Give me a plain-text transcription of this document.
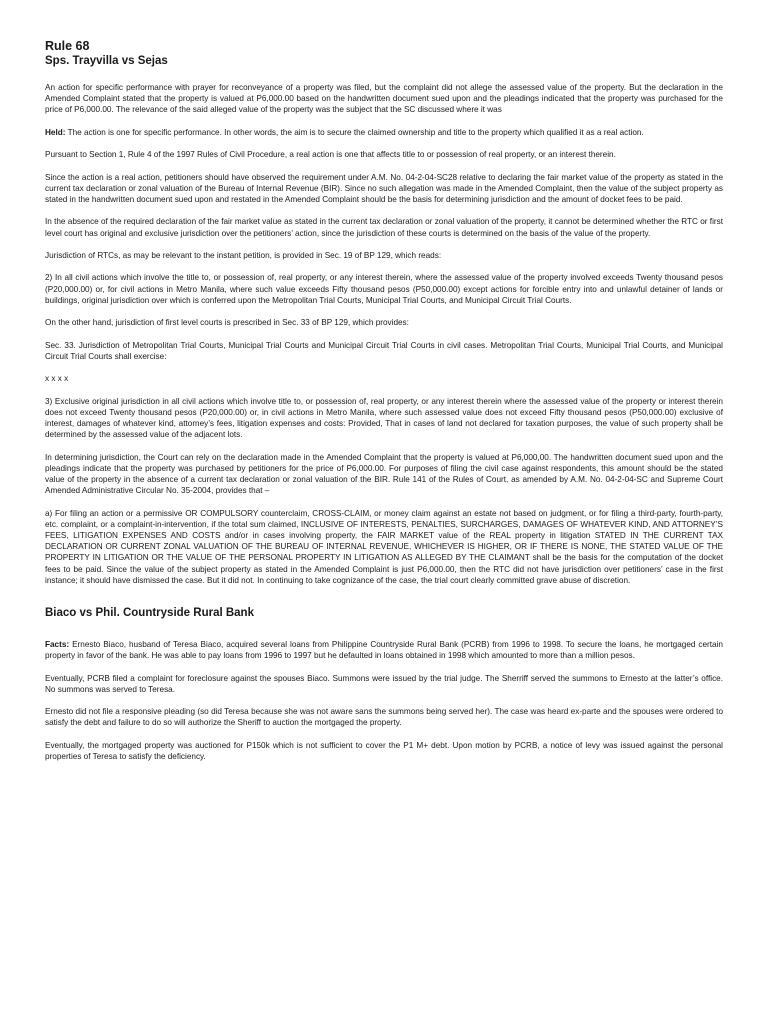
Rule 68
Sps. Trayvilla vs Sejas

An action for specific performance with prayer for reconveyance of a property was filed, but the complaint did not allege the assessed value of the property. But the declaration in the Amended Complaint stated that the property is valued at P6,000.00 based on the handwritten document sued upon and the pleadings indicated that the property was purchased for the price of P6,000.00. The relevance of the said alleged value of the property was the subject that the SC discussed where it was

Held: The action is one for specific performance. In other words, the aim is to secure the claimed ownership and title to the property which qualified it as a real action.

Pursuant to Section 1, Rule 4 of the 1997 Rules of Civil Procedure, a real action is one that affects title to or possession of real property, or an interest therein.

Since the action is a real action, petitioners should have observed the requirement under A.M. No. 04-2-04-SC28 relative to declaring the fair market value of the property as stated in the current tax declaration or zonal valuation of the Bureau of Internal Revenue (BIR). Since no such allegation was made in the Amended Complaint, then the value of the subject property as stated in the handwritten document sued upon and restated in the Amended Complaint should be the basis for determining jurisdiction and the amount of docket fees to be paid.

In the absence of the required declaration of the fair market value as stated in the current tax declaration or zonal valuation of the property, it cannot be determined whether the RTC or first level court has original and exclusive jurisdiction over the petitioners’ action, since the jurisdiction of these courts is determined on the basis of the value of the property.

Jurisdiction of RTCs, as may be relevant to the instant petition, is provided in Sec. 19 of BP 129, which reads:

2) In all civil actions which involve the title to, or possession of, real property, or any interest therein, where the assessed value of the property involved exceeds Twenty thousand pesos (P20,000.00) or, for civil actions in Metro Manila, where such value exceeds Fifty thousand pesos (P50,000.00) except actions for forcible entry into and unlawful detainer of lands or buildings, original jurisdiction over which is conferred upon the Metropolitan Trial Courts, Municipal Trial Courts, and Municipal Circuit Trial Courts.

On the other hand, jurisdiction of first level courts is prescribed in Sec. 33 of BP 129, which provides:

Sec. 33. Jurisdiction of Metropolitan Trial Courts, Municipal Trial Courts and Municipal Circuit Trial Courts in civil cases. Metropolitan Trial Courts, Municipal Trial Courts, and Municipal Circuit Trial Courts shall exercise:

x x x x

3) Exclusive original jurisdiction in all civil actions which involve title to, or possession of, real property, or any interest therein where the assessed value of the property or interest therein does not exceed Twenty thousand pesos (P20,000.00) or, in civil actions in Metro Manila, where such assessed value does not exceed Fifty thousand pesos (P50,000.00) exclusive of interest, damages of whatever kind, attorney’s fees, litigation expenses and costs: Provided, That in cases of land not declared for taxation purposes, the value of such property shall be determined by the assessed value of the adjacent lots.

In determining jurisdiction, the Court can rely on the declaration made in the Amended Complaint that the property is valued at P6,000,00. The handwritten document sued upon and the pleadings indicate that the property was purchased by petitioners for the price of P6,000.00. For purposes of filing the civil case against respondents, this amount should be the stated value of the property in the absence of a current tax declaration or zonal valuation of the BIR. Rule 141 of the Rules of Court, as amended by A.M. No. 04-2-04-SC and Supreme Court Amended Administrative Circular No. 35-2004, provides that –

a) For filing an action or a permissive OR COMPULSORY counterclaim, CROSS-CLAIM, or money claim against an estate not based on judgment, or for filing a third-party, fourth-party, etc. complaint, or a complaint-in-intervention, if the total sum claimed, INCLUSIVE OF INTERESTS, PENALTIES, SURCHARGES, DAMAGES OF WHATEVER KIND, AND ATTORNEY’S FEES, LITIGATION EXPENSES AND COSTS and/or in cases involving property, the FAIR MARKET value of the REAL property in litigation STATED IN THE CURRENT TAX DECLARATION OR CURRENT ZONAL VALUATION OF THE BUREAU OF INTERNAL REVENUE, WHICHEVER IS HIGHER, OR IF THERE IS NONE, THE STATED VALUE OF THE PROPERTY IN LITIGATION OR THE VALUE OF THE PERSONAL PROPERTY IN LITIGATION AS ALLEGED BY THE CLAIMANT shall be the basis for the computation of the docket fees to be paid. Since the value of the subject property as stated in the Amended Complaint is just P6,000.00, then the RTC did not have jurisdiction over petitioners’ case in the first instance; it should have dismissed the case. But it did not. In continuing to take cognizance of the case, the trial court clearly committed grave abuse of discretion.

Biaco vs Phil. Countryside Rural Bank

Facts: Ernesto Biaco, husband of Teresa Biaco, acquired several loans from Philippine Countryside Rural Bank (PCRB) from 1996 to 1998. To secure the loans, he mortgaged certain property in favor of the bank. He was able to pay loans from 1996 to 1997 but he defaulted in loans obtained in 1998 which amounted to more than a million pesos.

Eventually, PCRB filed a complaint for foreclosure against the spouses Biaco. Summons were issued by the trial judge. The Sherriff served the summons to Ernesto at the latter’s office. No summons was served to Teresa.

Ernesto did not file a responsive pleading (so did Teresa because she was not aware sans the summons being served her). The case was heard ex-parte and the spouses were ordered to satisfy the debt and failure to do so will authorize the Sheriff to auction the mortgaged the property.

Eventually, the mortgaged property was auctioned for P150k which is not sufficient to cover the P1 M+ debt. Upon motion by PCRB, a notice of levy was issued against the personal properties of Teresa to satisfy the deficiency.
